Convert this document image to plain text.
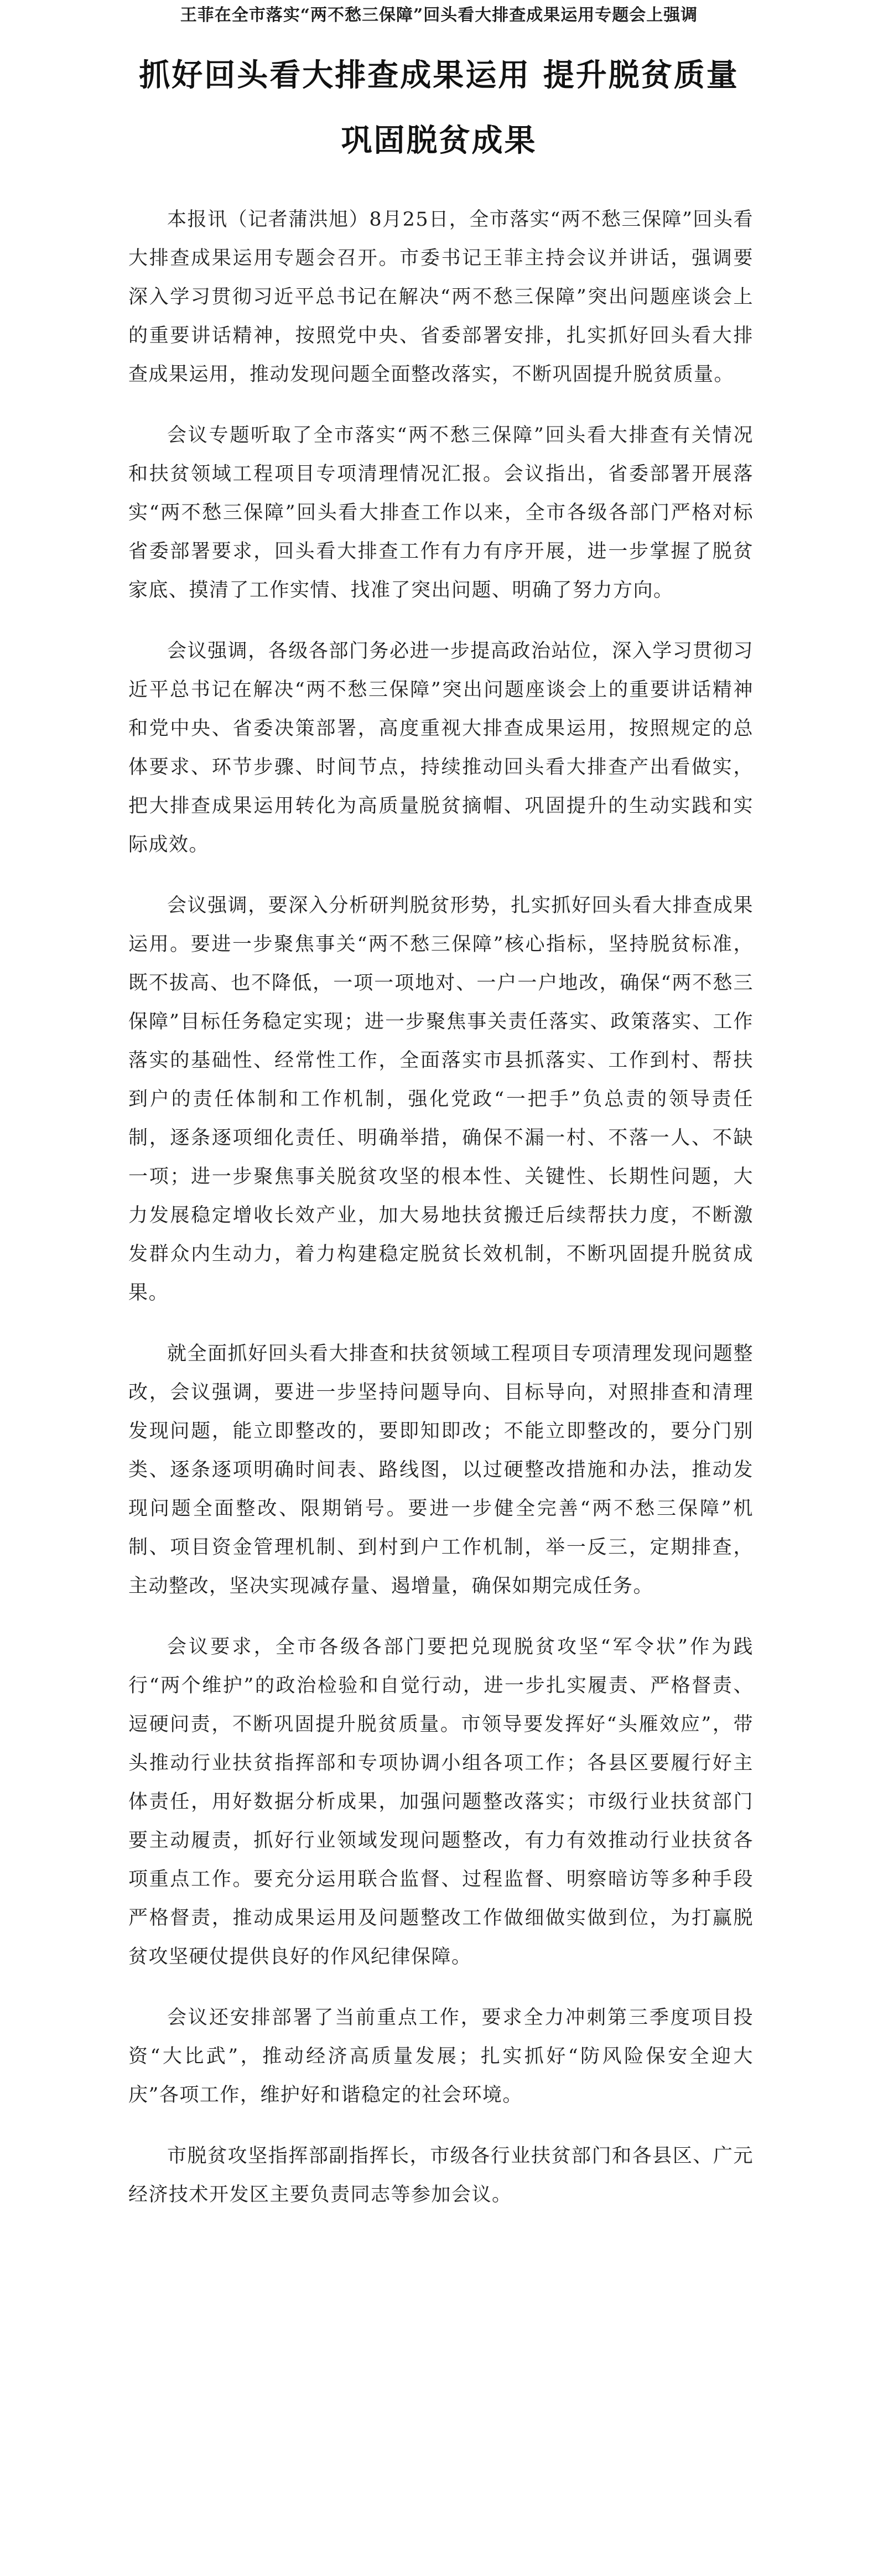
王菲在全市落实“两不愁三保障”回头看大排查成果运用专题会上强调
抓好回头看大排查成果运用 提升脱贫质量
巩固脱贫成果

本报讯（记者蒲洪旭）8月25日，全市落实“两不愁三保障”回头看大排查成果运用专题会召开。市委书记王菲主持会议并讲话，强调要深入学习贯彻习近平总书记在解决“两不愁三保障”突出问题座谈会上的重要讲话精神，按照党中央、省委部署安排，扎实抓好回头看大排查成果运用，推动发现问题全面整改落实，不断巩固提升脱贫质量。

会议专题听取了全市落实“两不愁三保障”回头看大排查有关情况和扶贫领域工程项目专项清理情况汇报。会议指出，省委部署开展落实“两不愁三保障”回头看大排查工作以来，全市各级各部门严格对标省委部署要求，回头看大排查工作有力有序开展，进一步掌握了脱贫家底、摸清了工作实情、找准了突出问题、明确了努力方向。

会议强调，各级各部门务必进一步提高政治站位，深入学习贯彻习近平总书记在解决“两不愁三保障”突出问题座谈会上的重要讲话精神和党中央、省委决策部署，高度重视大排查成果运用，按照规定的总体要求、环节步骤、时间节点，持续推动回头看大排查产出看做实，把大排查成果运用转化为高质量脱贫摘帽、巩固提升的生动实践和实际成效。

会议强调，要深入分析研判脱贫形势，扎实抓好回头看大排查成果运用。要进一步聚焦事关“两不愁三保障”核心指标，坚持脱贫标准，既不拔高、也不降低，一项一项地对、一户一户地改，确保“两不愁三保障”目标任务稳定实现；进一步聚焦事关责任落实、政策落实、工作落实的基础性、经常性工作，全面落实市县抓落实、工作到村、帮扶到户的责任体制和工作机制，强化党政“一把手”负总责的领导责任制，逐条逐项细化责任、明确举措，确保不漏一村、不落一人、不缺一项；进一步聚焦事关脱贫攻坚的根本性、关键性、长期性问题，大力发展稳定增收长效产业，加大易地扶贫搬迁后续帮扶力度，不断激发群众内生动力，着力构建稳定脱贫长效机制，不断巩固提升脱贫成果。

就全面抓好回头看大排查和扶贫领域工程项目专项清理发现问题整改，会议强调，要进一步坚持问题导向、目标导向，对照排查和清理发现问题，能立即整改的，要即知即改；不能立即整改的，要分门别类、逐条逐项明确时间表、路线图，以过硬整改措施和办法，推动发现问题全面整改、限期销号。要进一步健全完善“两不愁三保障”机制、项目资金管理机制、到村到户工作机制，举一反三，定期排查，主动整改，坚决实现减存量、遏增量，确保如期完成任务。

会议要求，全市各级各部门要把兑现脱贫攻坚“军令状”作为践行“两个维护”的政治检验和自觉行动，进一步扎实履责、严格督责、逗硬问责，不断巩固提升脱贫质量。市领导要发挥好“头雁效应”，带头推动行业扶贫指挥部和专项协调小组各项工作；各县区要履行好主体责任，用好数据分析成果，加强问题整改落实；市级行业扶贫部门要主动履责，抓好行业领域发现问题整改，有力有效推动行业扶贫各项重点工作。要充分运用联合监督、过程监督、明察暗访等多种手段严格督责，推动成果运用及问题整改工作做细做实做到位，为打赢脱贫攻坚硬仗提供良好的作风纪律保障。

会议还安排部署了当前重点工作，要求全力冲刺第三季度项目投资“大比武”，推动经济高质量发展；扎实抓好“防风险保安全迎大庆”各项工作，维护好和谐稳定的社会环境。

市脱贫攻坚指挥部副指挥长，市级各行业扶贫部门和各县区、广元经济技术开发区主要负责同志等参加会议。
